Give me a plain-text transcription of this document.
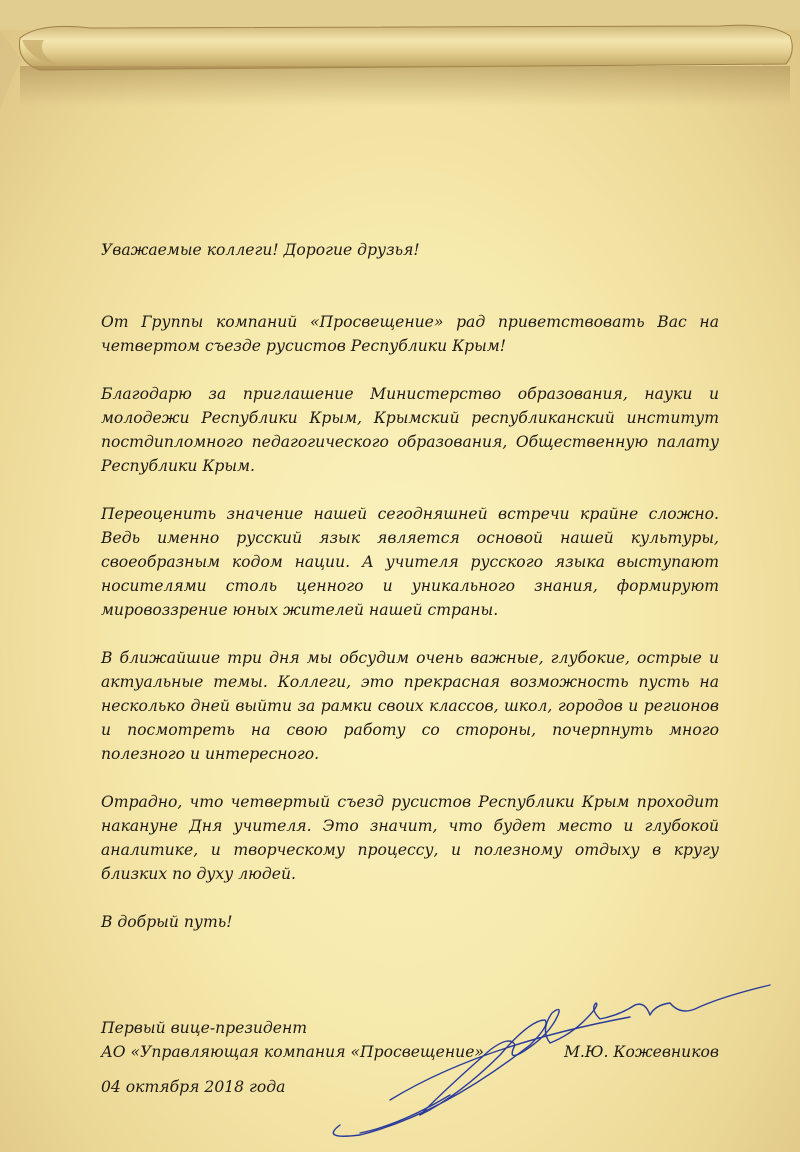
Уважаемые коллеги! Дорогие друзья!

От Группы компаний «Просвещение» рад приветствовать Вас на четвертом съезде русистов Республики Крым!

Благодарю за приглашение Министерство образования, науки и молодежи Республики Крым, Крымский республиканский институт постдипломного педагогического образования, Общественную палату Республики Крым.

Переоценить значение нашей сегодняшней встречи крайне сложно. Ведь именно русский язык является основой нашей культуры, своеобразным кодом нации. А учителя русского языка выступают носителями столь ценного и уникального знания, формируют мировоззрение юных жителей нашей страны.

В ближайшие три дня мы обсудим очень важные, глубокие, острые и актуальные темы. Коллеги, это прекрасная возможность пусть на несколько дней выйти за рамки своих классов, школ, городов и регионов и посмотреть на свою работу со стороны, почерпнуть много полезного и интересного.

Отрадно, что четвертый съезд русистов Республики Крым проходит накануне Дня учителя. Это значит, что будет место и глубокой аналитике, и творческому процессу, и полезному отдыху в кругу близких по духу людей.

В добрый путь!

Первый вице-президент
АО «Управляющая компания «Просвещение»	М.Ю. Кожевников
04 октября 2018 года
